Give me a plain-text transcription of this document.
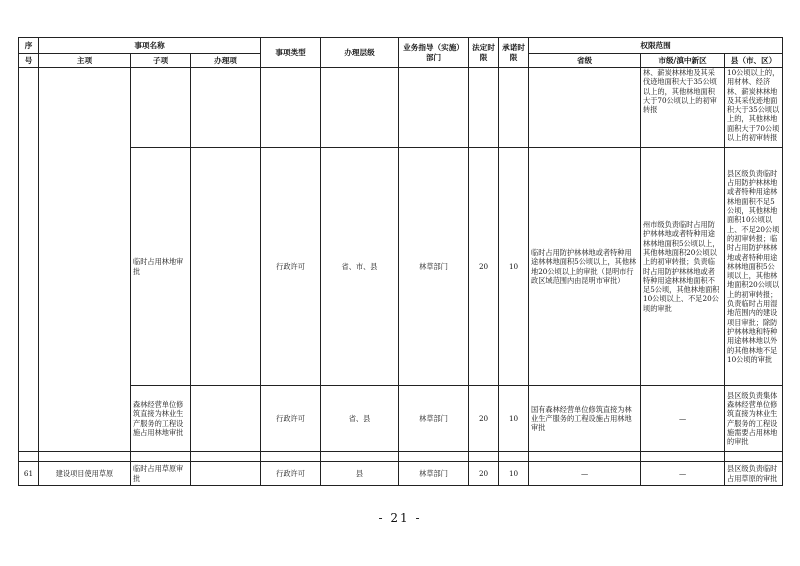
序	事项名称			事项类型	办理层级	业务指导（实施）部门	法定时限	承诺时限	权限范围		
号	主项	子项	办理项						省级	市级/滇中新区	县（市、区）
										林、薪炭林林地及其采伐迹地面积大于35公顷以上的，其他林地面积大于70公顷以上的初审转报	10公顷以上的，用材林、经济林、薪炭林林地及其采伐迹地面积大于35公顷以上的，其他林地面积大于70公顷以上的初审转报
		临时占用林地审批		行政许可	省、市、县	林草部门	20	10	临时占用防护林林地或者特种用途林林地面积5公顷以上，其他林地20公顷以上的审批（昆明市行政区域范围内由昆明市审批）	州市级负责临时占用防护林林地或者特种用途林林地面积5公顷以上，其他林地面积20公顷以上的初审转报；负责临时占用防护林林地或者特种用途林林地面积不足5公顷，其他林地面积10公顷以上、不足20公顷的审批	县区级负责临时占用防护林林地或者特种用途林林地面积不足5公顷，其他林地面积10公顷以上、不足20公顷的初审转报；临时占用防护林林地或者特种用途林林地面积5公顷以上，其他林地面积20公顷以上的初审转报；负责临时占用湿地范围内的建设项目审批；除防护林林地和特种用途林林地以外的其他林地不足10公顷的审批
		森林经营单位修筑直接为林业生产服务的工程设施占用林地审批		行政许可	省、县	林草部门	20	10	国有森林经营单位修筑直接为林业生产服务的工程设施占用林地审批	—	县区级负责集体森林经营单位修筑直接为林业生产服务的工程设施需要占用林地的审批

61	建设项目使用草原	临时占用草原审批		行政许可	县	林草部门	20	10	—	—	县区级负责临时占用草原的审批
- 21 -
